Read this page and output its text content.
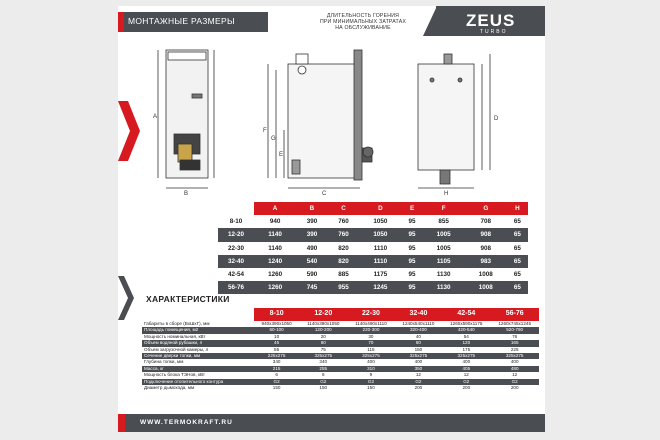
МОНТАЖНЫЕ РАЗМЕРЫ	ДЛИТЕЛЬНОСТЬ ГОРЕНИЯ
ПРИ МИНИМАЛЬНЫХ ЗАТРАТАХ
НА ОБСЛУЖИВАНИЕ	ZEUS
TURBO
A
B	C
D
E
F
G
H
	A	B	C	D	E	F	G	H
8-10	940	390	760	1050	95	855	708	65
12-20	1140	390	760	1050	95	1005	908	65
22-30	1140	490	820	1110	95	1005	908	65
32-40	1240	540	820	1110	95	1105	983	65
42-54	1260	590	885	1175	95	1130	1008	65
56-76	1260	745	955	1245	95	1130	1008	65
ХАРАКТЕРИСТИКИ
	8-10	12-20	22-30	32-40	42-54	56-76
Габариты в сборе (ВхШхГ), мм	940x390x1050	1140x390x1050	1140x490x1110	1240x540x1110	1260x590x1175	1260x745x1245
Площадь помещения, м2	60-100	120-200	220-300	320-400	420-540	520-760
Мощность номинальная, кВт	10	20	30	40	54	76
Объем водяной рубашки, л	45	60	70	80	120	165
Объем загрузочной камеры, л	55	75	115	150	175	225
Сечение дверки топки, мм	225x275	325x275	325x275	325x275	325x275	325x275
Глубина топки, мм	340	340	400	400	400	400
Масса, кг	215	255	310	350	405	480
Мощность блока ТЭНов, кВт	6	6	9	12	12	12
Подключение отопительного контура	G2	G2	G2	G2	G2	G2
Диаметр дымохода, мм	150	150	150	200	200	200
WWW.TERMOKRAFT.RU
